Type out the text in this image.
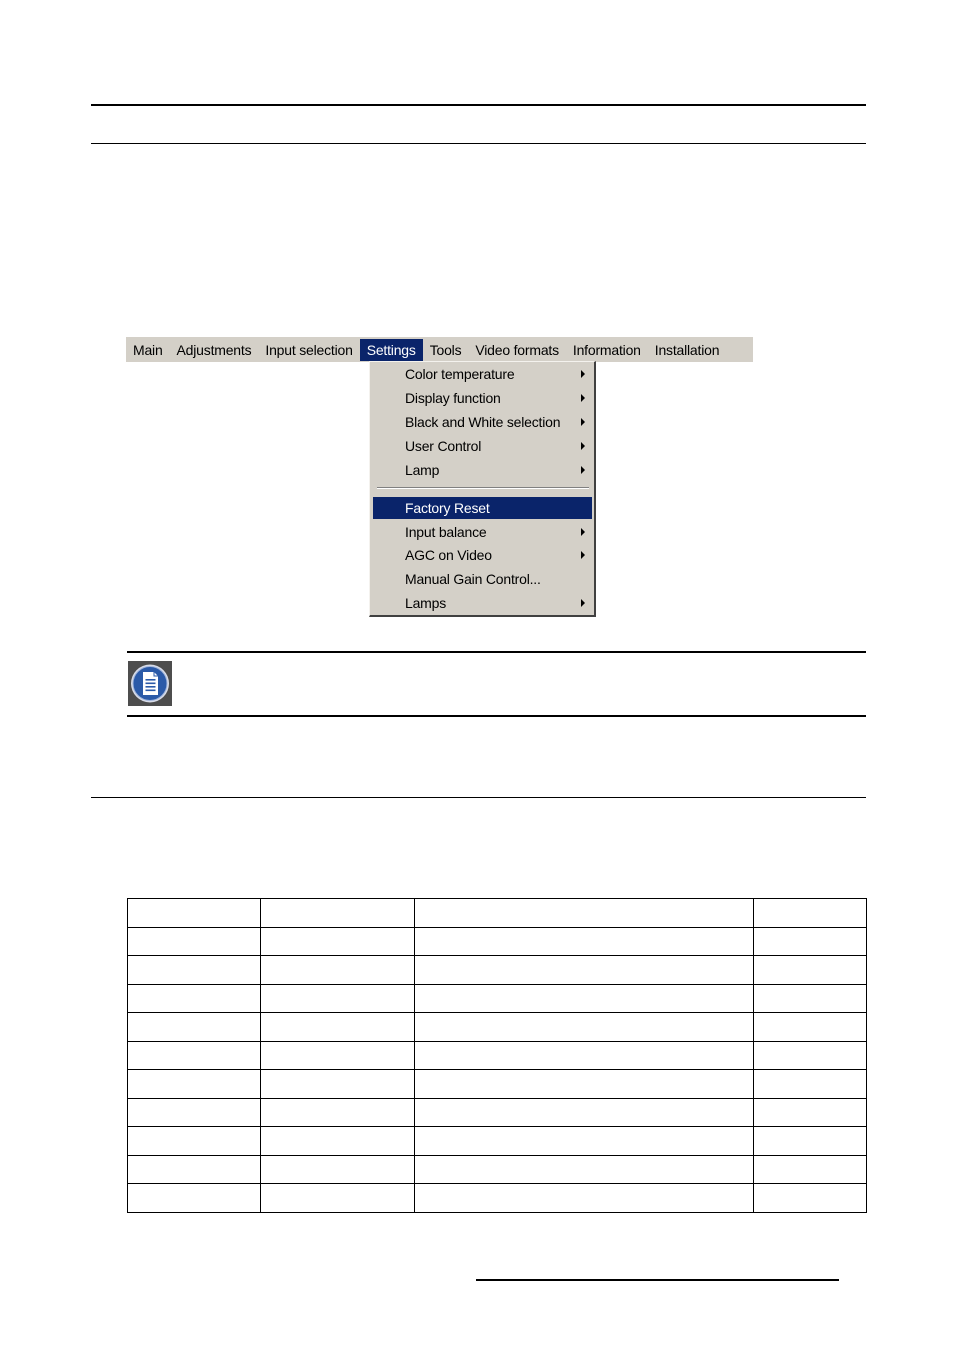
Main	Adjustments	Input selection	Settings	Tools	Video formats	Information	Installation
Color temperature
Display function
Black and White selection
User Control
Lamp
Factory Reset
Input balance
AGC on Video
Manual Gain Control...
Lamps
